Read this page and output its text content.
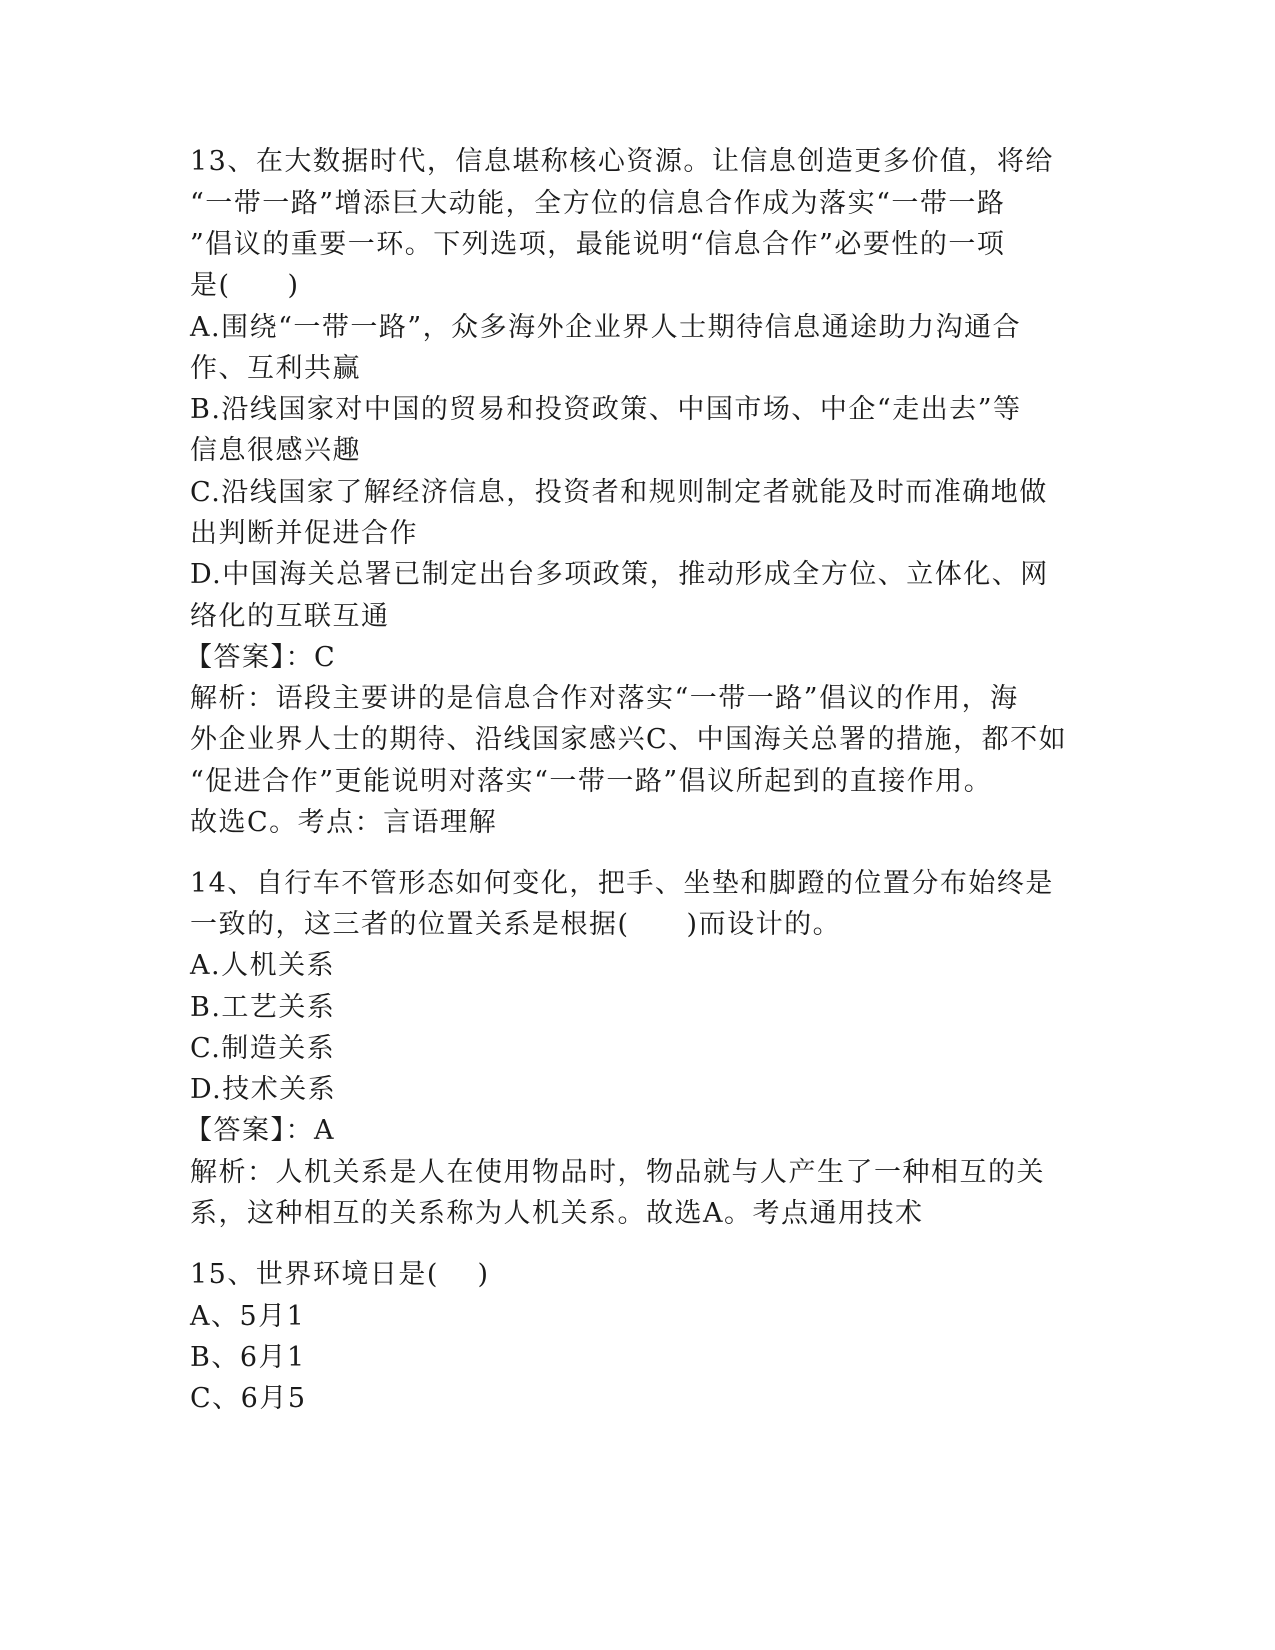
13、在大数据时代，信息堪称核心资源。让信息创造更多价值，将给
“一带一路”增添巨大动能，全方位的信息合作成为落实“一带一路
”倡议的重要一环。下列选项，最能说明“信息合作”必要性的一项
是(　　)
A.围绕“一带一路”，众多海外企业界人士期待信息通途助力沟通合
作、互利共赢
B.沿线国家对中国的贸易和投资政策、中国市场、中企“走出去”等
信息很感兴趣
C.沿线国家了解经济信息，投资者和规则制定者就能及时而准确地做
出判断并促进合作
D.中国海关总署已制定出台多项政策，推动形成全方位、立体化、网
络化的互联互通
【答案】：C
解析：语段主要讲的是信息合作对落实“一带一路”倡议的作用，海
外企业界人士的期待、沿线国家感兴C、中国海关总署的措施，都不如
“促进合作”更能说明对落实“一带一路”倡议所起到的直接作用。
故选C。考点：言语理解
14、自行车不管形态如何变化，把手、坐垫和脚蹬的位置分布始终是
一致的，这三者的位置关系是根据(　　)而设计的。
A.人机关系
B.工艺关系
C.制造关系
D.技术关系
【答案】：A
解析：人机关系是人在使用物品时，物品就与人产生了一种相互的关
系，这种相互的关系称为人机关系。故选A。考点通用技术
15、世界环境日是(　 )
A、5月1
B、6月1
C、6月5
